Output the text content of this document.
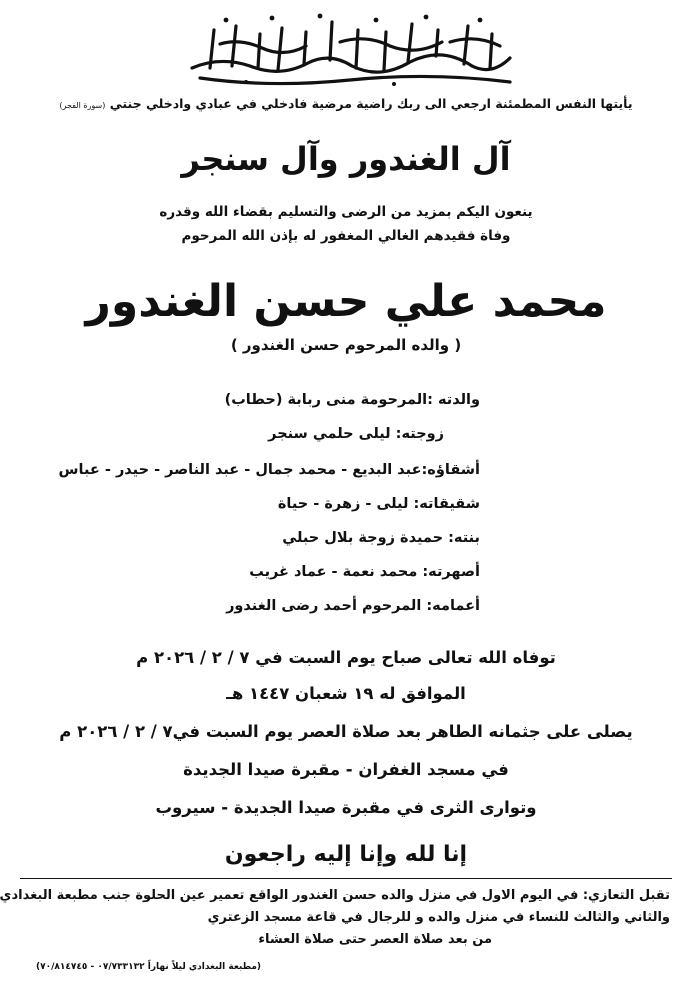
يأيتها النفس المطمئنة ارجعي الى ربك راضية مرضية فادخلي في عبادي وادخلي جنتي (سورة الفجر)
آل الغندور وآل سنجر
ينعون اليكم بمزيد من الرضى والتسليم بقضاء الله وقدره
وفاة فقيدهم الغالي المغفور له بإذن الله المرحوم
محمد علي حسن الغندور
( والده المرحوم حسن الغندور )
والدته :المرحومة منى ربابة (حطاب)
زوجته: ليلى حلمي سنجر
أشقاؤه:عبد البديع - محمد جمال - عبد الناصر - حيدر - عباس
شقيقاته: ليلى - زهرة - حياة
بنته: حميدة زوجة بلال حبلي
أصهرته: محمد نعمة - عماد غريب
أعمامه: المرحوم أحمد رضى الغندور
توفاه الله تعالى صباح يوم السبت في ٧ / ٢ / ٢٠٢٦ م
الموافق له ١٩ شعبان ١٤٤٧ هـ
يصلى على جثمانه الطاهر بعد صلاة العصر يوم السبت في٧ / ٢ / ٢٠٢٦ م
في مسجد الغفران - مقبرة صيدا الجديدة
وتوارى الثرى في مقبرة صيدا الجديدة - سيروب
إنا لله وإنا إليه راجعون
تقبل التعازي: في اليوم الاول في منزل والده حسن الغندور الواقع تعمير عين الحلوة جنب مطبعة البغدادي
والثاني والثالث للنساء في منزل والده و للرجال في قاعة مسجد الزعتري
من بعد صلاة العصر حتى صلاة العشاء
(مطبعة البغدادي ليلاً نهاراً ٠٧/٧٣٣١٣٢ - ٧٠/٨١٤٧٤٥)
